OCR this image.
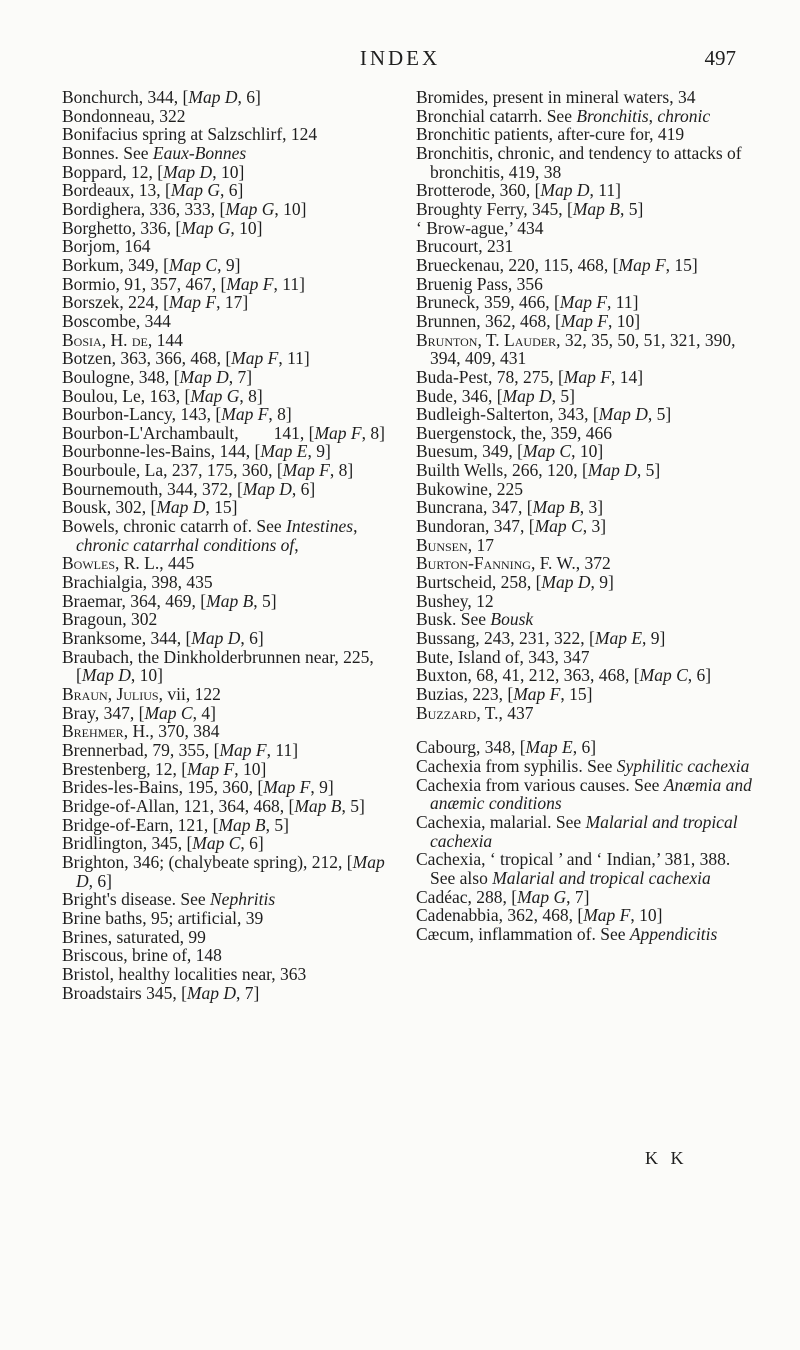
INDEX	497
Bonchurch, 344, [Map D, 6]
Bondonneau, 322
Bonifacius spring at Salzschlirf, 124
Bonnes. See Eaux-Bonnes
Boppard, 12, [Map D, 10]
Bordeaux, 13, [Map G, 6]
Bordighera, 336, 333, [Map G, 10]
Borghetto, 336, [Map G, 10]
Borjom, 164
Borkum, 349, [Map C, 9]
Bormio, 91, 357, 467, [Map F, 11]
Borszek, 224, [Map F, 17]
Boscombe, 344
Bosia, H. de, 144
Botzen, 363, 366, 468, [Map F, 11]
Boulogne, 348, [Map D, 7]
Boulou, Le, 163, [Map G, 8]
Bourbon-Lancy, 143, [Map F, 8]
Bourbon-L'Archambault,        141, [Map F, 8]
Bourbonne-les-Bains, 144, [Map E, 9]
Bourboule, La, 237, 175, 360, [Map F, 8]
Bournemouth, 344, 372, [Map D, 6]
Bousk, 302, [Map D, 15]
Bowels, chronic catarrh of. See Intestines, chronic catarrhal conditions of,
Bowles, R. L., 445
Brachialgia, 398, 435
Braemar, 364, 469, [Map B, 5]
Bragoun, 302
Branksome, 344, [Map D, 6]
Braubach, the Dinkholderbrunnen near, 225, [Map D, 10]
Braun, Julius, vii, 122
Bray, 347, [Map C, 4]
Brehmer, H., 370, 384
Brennerbad, 79, 355, [Map F, 11]
Brestenberg, 12, [Map F, 10]
Brides-les-Bains, 195, 360, [Map F, 9]
Bridge-of-Allan, 121, 364, 468, [Map B, 5]
Bridge-of-Earn, 121, [Map B, 5]
Bridlington, 345, [Map C, 6]
Brighton, 346; (chalybeate spring), 212, [Map D, 6]
Bright's disease. See Nephritis
Brine baths, 95; artificial, 39
Brines, saturated, 99
Briscous, brine of, 148
Bristol, healthy localities near, 363
Broadstairs 345, [Map D, 7]
Bromides, present in mineral waters, 34
Bronchial catarrh. See Bronchitis, chronic
Bronchitic patients, after-cure for, 419
Bronchitis, chronic, and tendency to attacks of bronchitis, 419, 38
Brotterode, 360, [Map D, 11]
Broughty Ferry, 345, [Map B, 5]
‘ Brow-ague,’ 434
Brucourt, 231
Brueckenau, 220, 115, 468, [Map F, 15]
Bruenig Pass, 356
Bruneck, 359, 466, [Map F, 11]
Brunnen, 362, 468, [Map F, 10]
Brunton, T. Lauder, 32, 35, 50, 51, 321, 390, 394, 409, 431
Buda-Pest, 78, 275, [Map F, 14]
Bude, 346, [Map D, 5]
Budleigh-Salterton, 343, [Map D, 5]
Buergenstock, the, 359, 466
Buesum, 349, [Map C, 10]
Builth Wells, 266, 120, [Map D, 5]
Bukowine, 225
Buncrana, 347, [Map B, 3]
Bundoran, 347, [Map C, 3]
Bunsen, 17
Burton-Fanning, F. W., 372
Burtscheid, 258, [Map D, 9]
Bushey, 12
Busk. See Bousk
Bussang, 243, 231, 322, [Map E, 9]
Bute, Island of, 343, 347
Buxton, 68, 41, 212, 363, 468, [Map C, 6]
Buzias, 223, [Map F, 15]
Buzzard, T., 437
Cabourg, 348, [Map E, 6]
Cachexia from syphilis. See Syphilitic cachexia
Cachexia from various causes. See Anæmia and anæmic conditions
Cachexia, malarial. See Malarial and tropical cachexia
Cachexia, ‘ tropical ’ and ‘ Indian,’ 381, 388. See also Malarial and tropical cachexia
Cadéac, 288, [Map G, 7]
Cadenabbia, 362, 468, [Map F, 10]
Cæcum, inflammation of. See Appendicitis
K K
